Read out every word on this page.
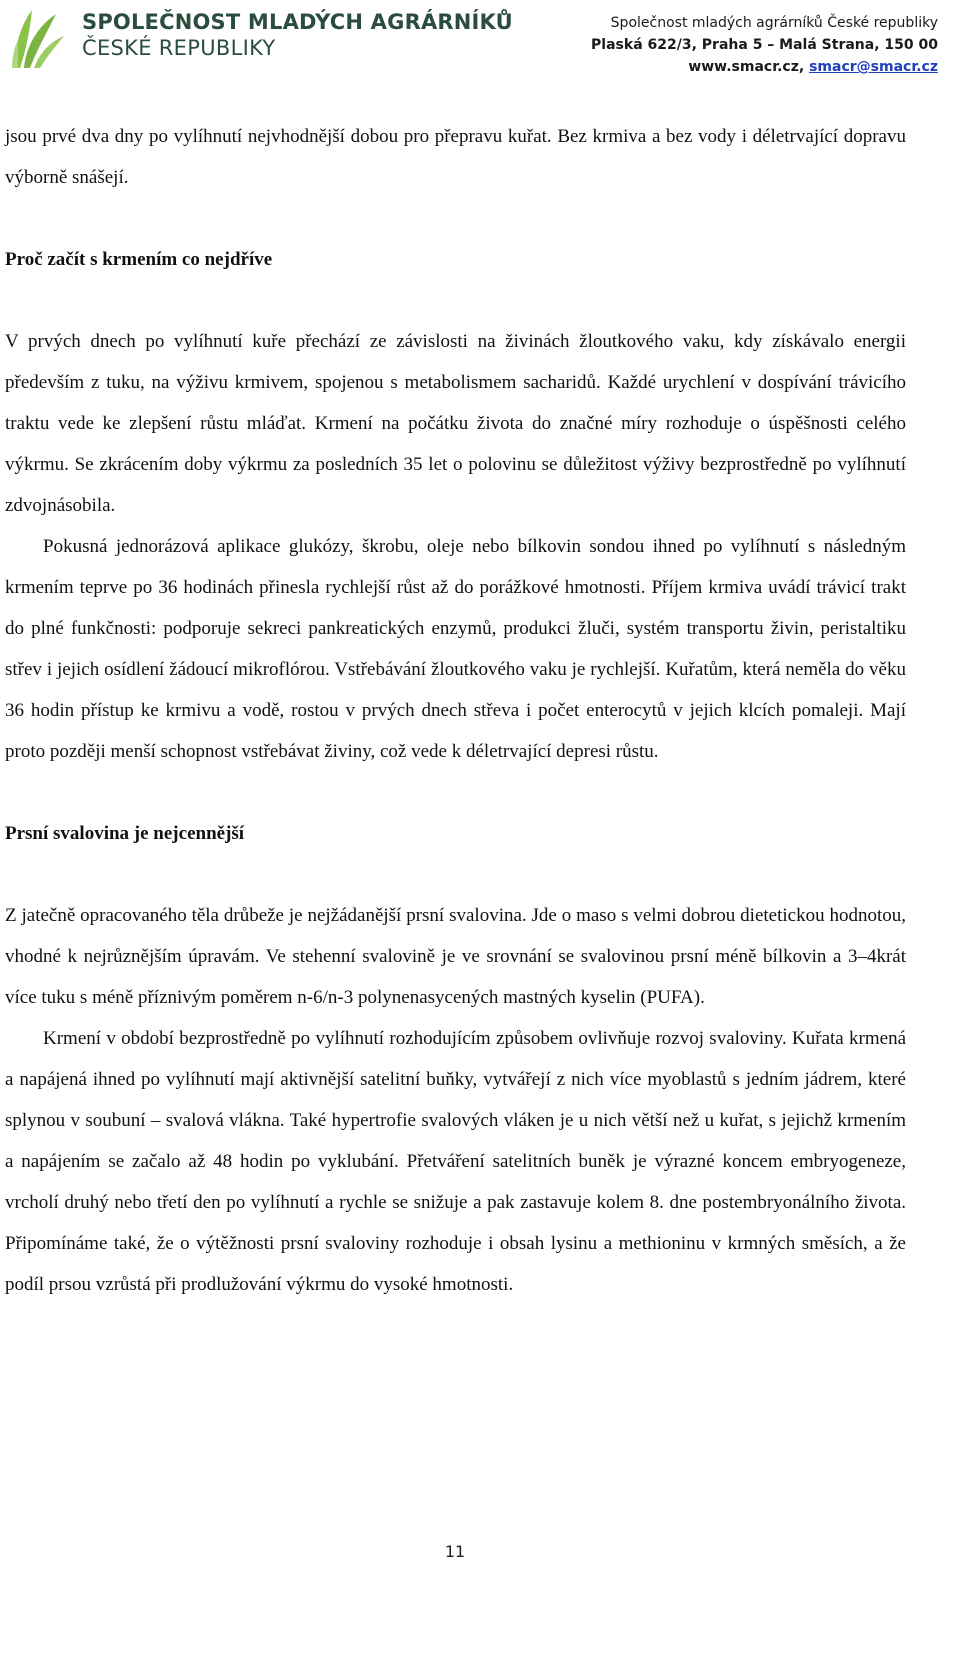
SPOLEČNOST MLADÝCH AGRÁRNÍKŮ
ČESKÉ REPUBLIKY
Společnost mladých agrárníků České republiky
Plaská 622/3, Praha 5 – Malá Strana, 150 00
www.smacr.cz, smacr@smacr.cz

jsou prvé dva dny po vylíhnutí nejvhodnější dobou pro přepravu kuřat. Bez krmiva a bez vody i déletrvající dopravu výborně snášejí.

Proč začít s krmením co nejdříve

V prvých dnech po vylíhnutí kuře přechází ze závislosti na živinách žloutkového vaku, kdy získávalo energii především z tuku, na výživu krmivem, spojenou s metabolismem sacharidů. Každé urychlení v dospívání trávicího traktu vede ke zlepšení růstu mláďat. Krmení na počátku života do značné míry rozhoduje o úspěšnosti celého výkrmu. Se zkrácením doby výkrmu za posledních 35 let o polovinu se důležitost výživy bezprostředně po vylíhnutí zdvojnásobila.

Pokusná jednorázová aplikace glukózy, škrobu, oleje nebo bílkovin sondou ihned po vylíhnutí s následným krmením teprve po 36 hodinách přinesla rychlejší růst až do porážkové hmotnosti. Příjem krmiva uvádí trávicí trakt do plné funkčnosti: podporuje sekreci pankreatických enzymů, produkci žluči, systém transportu živin, peristaltiku střev i jejich osídlení žádoucí mikroflórou. Vstřebávání žloutkového vaku je rychlejší. Kuřatům, která neměla do věku 36 hodin přístup ke krmivu a vodě, rostou v prvých dnech střeva i počet enterocytů v jejich klcích pomaleji. Mají proto později menší schopnost vstřebávat živiny, což vede k déletrvající depresi růstu.

Prsní svalovina je nejcennější

Z jatečně opracovaného těla drůbeže je nejžádanější prsní svalovina. Jde o maso s velmi dobrou dietetickou hodnotou, vhodné k nejrůznějším úpravám. Ve stehenní svalovině je ve srovnání se svalovinou prsní méně bílkovin a 3–4krát více tuku s méně příznivým poměrem n-6/n-3 polynenasycených mastných kyselin (PUFA).

Krmení v období bezprostředně po vylíhnutí rozhodujícím způsobem ovlivňuje rozvoj svaloviny. Kuřata krmená a napájená ihned po vylíhnutí mají aktivnější satelitní buňky, vytvářejí z nich více myoblastů s jedním jádrem, které splynou v soubuní – svalová vlákna. Také hypertrofie svalových vláken je u nich větší než u kuřat, s jejichž krmením a napájením se začalo až 48 hodin po vyklubání. Přetváření satelitních buněk je výrazné koncem embryogeneze, vrcholí druhý nebo třetí den po vylíhnutí a rychle se snižuje a pak zastavuje kolem 8. dne postembryonálního života. Připomínáme také, že o výtěžnosti prsní svaloviny rozhoduje i obsah lysinu a methioninu v krmných směsích, a že podíl prsou vzrůstá při prodlužování výkrmu do vysoké hmotnosti.

11
